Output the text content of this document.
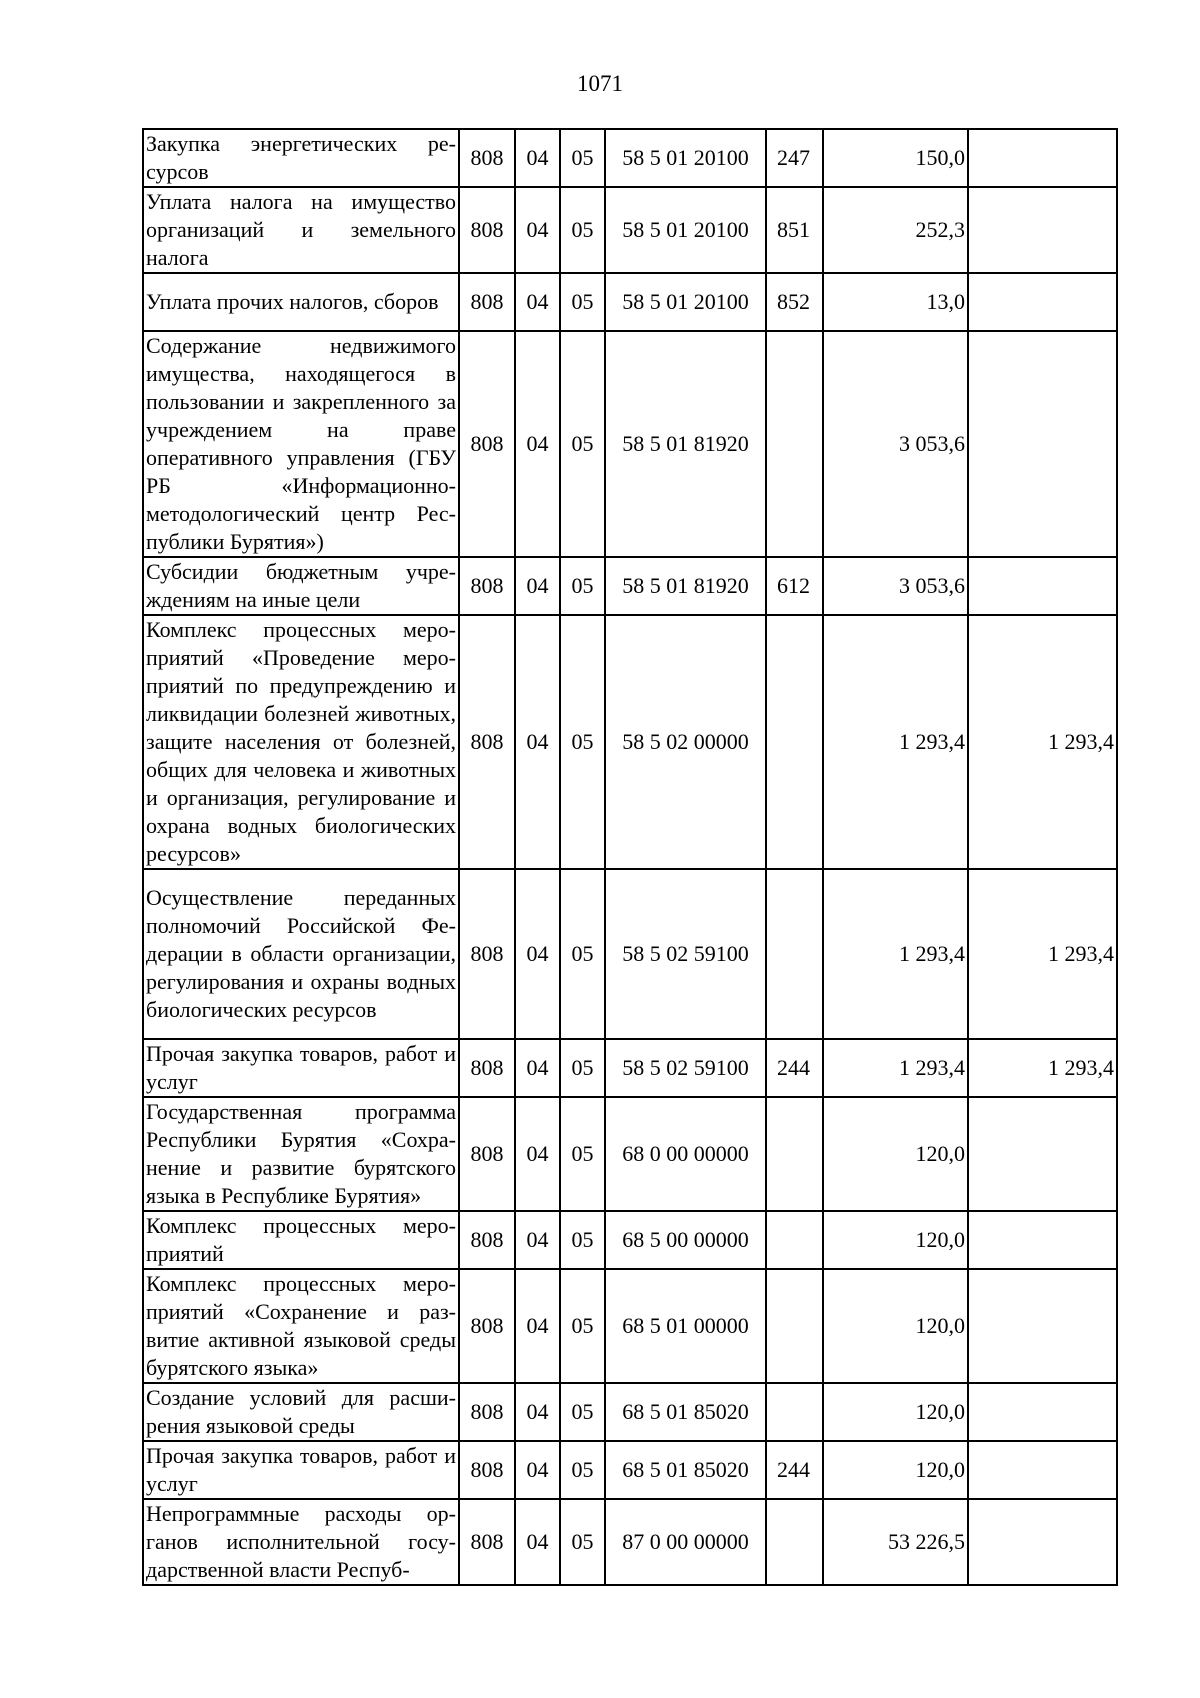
1071
Закупка энергетических ресурсов	808	04	05	58 5 01 20100	247	150,0	
Уплата налога на имущество организаций и земельного налога	808	04	05	58 5 01 20100	851	252,3	
Уплата прочих налогов, сборов	808	04	05	58 5 01 20100	852	13,0	
Содержание недвижимого имущества, находящегося в пользовании и закрепленного за учреждением на праве оперативного управления (ГБУ РБ «Информационно-методологический центр Республики Бурятия»)	808	04	05	58 5 01 81920		3 053,6	
Субсидии бюджетным учреждениям на иные цели	808	04	05	58 5 01 81920	612	3 053,6	
Комплекс процессных мероприятий «Проведение мероприятий по предупреждению и ликвидации болезней животных, защите населения от болезней, общих для человека и животных и организация, регулирование и охрана водных биологических ресурсов»	808	04	05	58 5 02 00000		1 293,4	1 293,4
Осуществление переданных полномочий Российской Федерации в области организации, регулирования и охраны водных биологических ресурсов	808	04	05	58 5 02 59100		1 293,4	1 293,4
Прочая закупка товаров, работ и услуг	808	04	05	58 5 02 59100	244	1 293,4	1 293,4
Государственная программа Республики Бурятия «Сохранение и развитие бурятского языка в Республике Бурятия»	808	04	05	68 0 00 00000		120,0	
Комплекс процессных мероприятий	808	04	05	68 5 00 00000		120,0	
Комплекс процессных мероприятий «Сохранение и развитие активной языковой среды бурятского языка»	808	04	05	68 5 01 00000		120,0	
Создание условий для расширения языковой среды	808	04	05	68 5 01 85020		120,0	
Прочая закупка товаров, работ и услуг	808	04	05	68 5 01 85020	244	120,0	
Непрограммные расходы органов исполнительной государственной власти Респуб-	808	04	05	87 0 00 00000		53 226,5	
